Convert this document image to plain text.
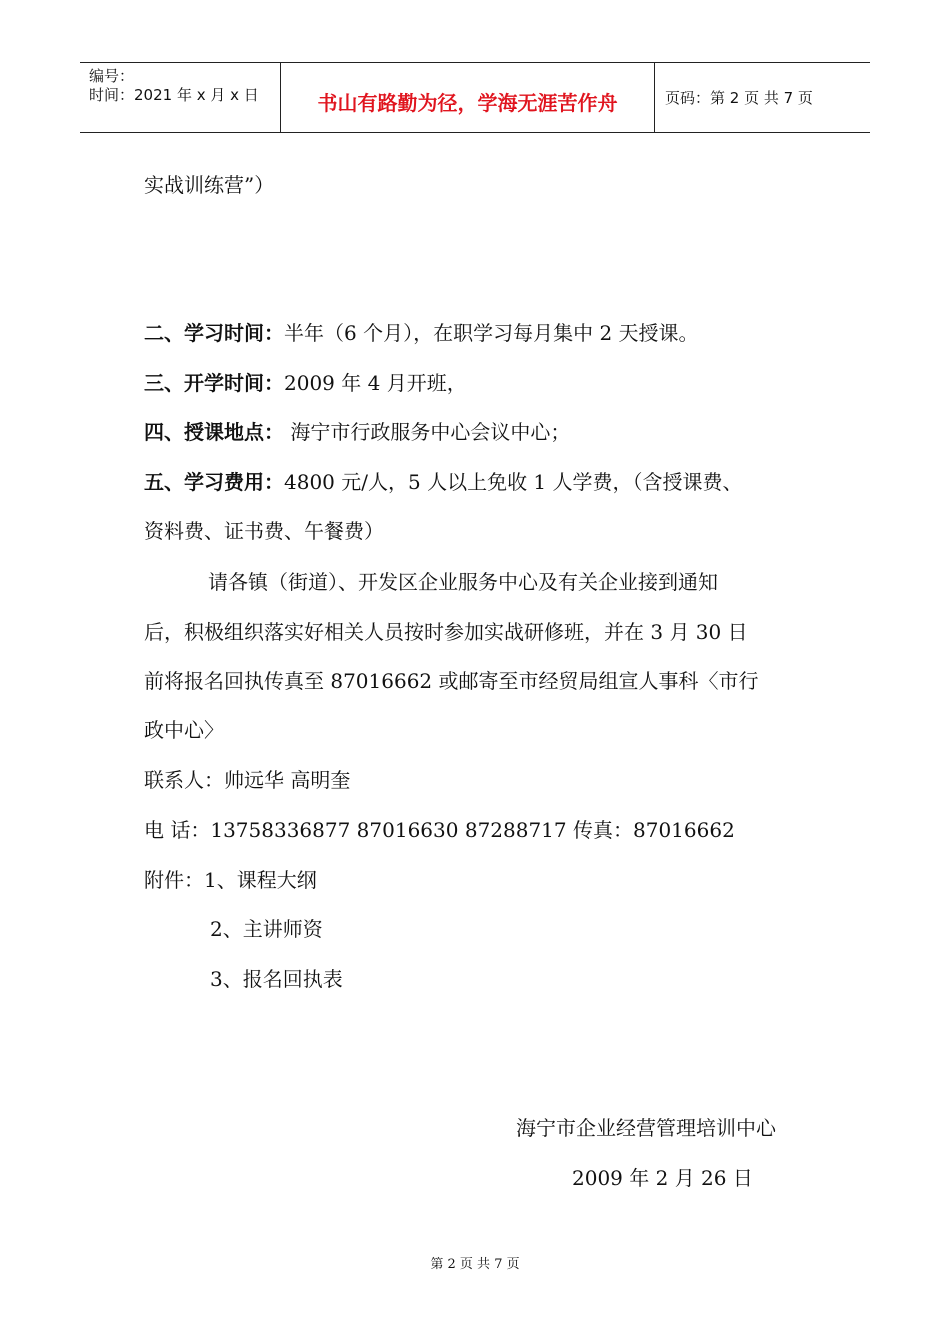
编号：
时间：2021 年 x 月 x 日	书山有路勤为径，学海无涯苦作舟	页码：第 2 页 共 7 页
实战训练营”）
二、学习时间：半年（6 个月），在职学习每月集中 2 天授课。
三、开学时间：2009 年 4 月开班，
四、授课地点： 海宁市行政服务中心会议中心；
五、学习费用：4800 元/人，5 人以上免收 1 人学费，（含授课费、
资料费、证书费、午餐费）
请各镇（街道）、开发区企业服务中心及有关企业接到通知
后，积极组织落实好相关人员按时参加实战研修班，并在 3 月 30 日
前将报名回执传真至 87016662 或邮寄至市经贸局组宣人事科〈市行
政中心〉
联系人：帅远华 高明奎
电 话：13758336877 87016630 87288717 传真：87016662
附件：1、课程大纲
2、主讲师资
3、报名回执表
海宁市企业经营管理培训中心
2009 年 2 月 26 日
第 2 页 共 7 页
